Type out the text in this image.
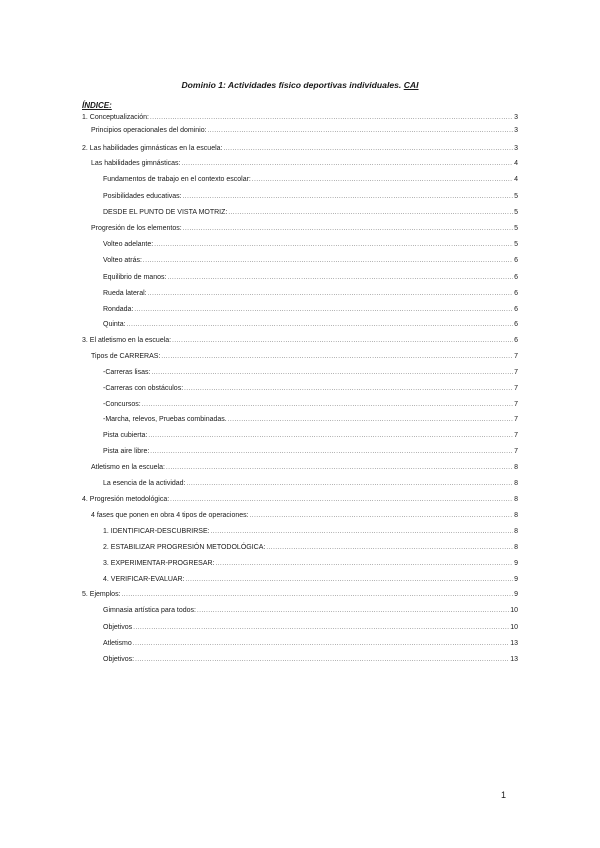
Dominio 1: Actividades físico deportivas individuales. CAI
ÍNDICE:
1. Conceptualización: .....	3
Principios operacionales del dominio: .....	3
2. Las habilidades gimnásticas en la escuela: .....	3
Las habilidades gimnásticas: .....	4
Fundamentos de trabajo en el contexto escolar: .....	4
Posibilidades educativas: .....	5
DESDE EL PUNTO DE VISTA MOTRIZ: .....	5
Progresión de los elementos: .....	5
Volteo adelante: .....	5
Volteo atrás: .....	6
Equilibrio de manos: .....	6
Rueda lateral: .....	6
Rondada: .....	6
Quinta: .....	6
3. El atletismo en la escuela: .....	6
Tipos de CARRERAS: .....	7
-Carreras lisas: .....	7
-Carreras con obstáculos: .....	7
-Concursos: .....	7
-Marcha, relevos, Pruebas combinadas. .....	7
Pista cubierta: .....	7
Pista aire libre: .....	7
Atletismo en la escuela: .....	8
La esencia de la actividad: .....	8
4. Progresión metodológica: .....	8
4 fases que ponen en obra 4 tipos de operaciones: .....	8
1. IDENTIFICAR-DESCUBRIRSE: .....	8
2. ESTABILIZAR PROGRESIÓN METODOLÓGICA: .....	8
3. EXPERIMENTAR-PROGRESAR: .....	9
4. VERIFICAR-EVALUAR: .....	9
5. Ejemplos: .....	9
Gimnasia artística para todos: .....	10
Objetivos .....	10
Atletismo .....	13
Objetivos: .....	13
1
